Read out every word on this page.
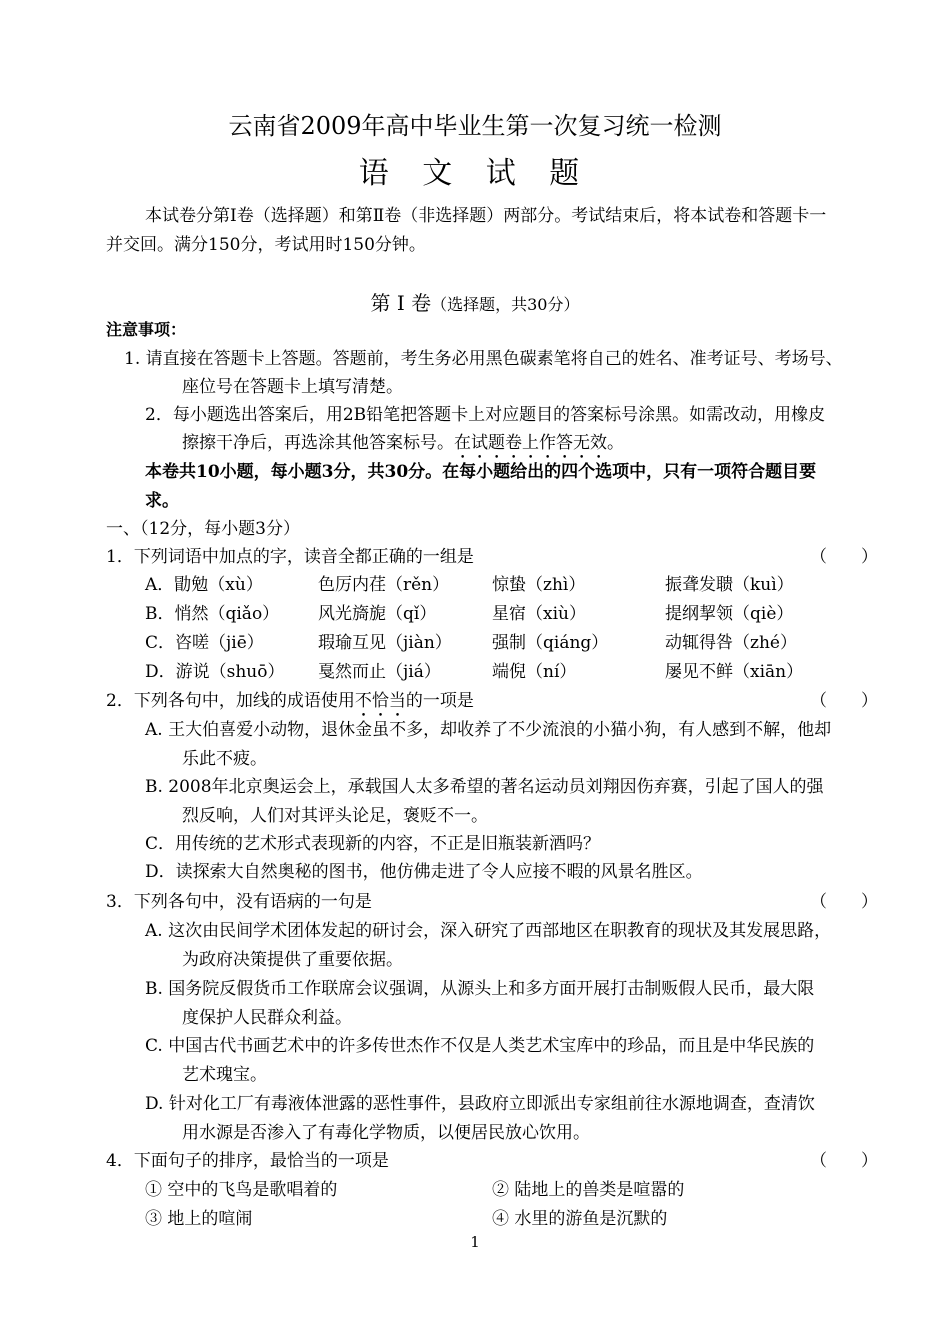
云南省2009年高中毕业生第一次复习统一检测
语 文 试 题
本试卷分第Ⅰ卷（选择题）和第Ⅱ卷（非选择题）两部分。考试结束后，将本试卷和答题卡一
并交回。满分150分，考试用时150分钟。
第 Ⅰ 卷（选择题，共30分）
注意事项：
1. 请直接在答题卡上答题。答题前，考生务必用黑色碳素笔将自己的姓名、准考证号、考场号、
座位号在答题卡上填写清楚。
2．每小题选出答案后，用2B铅笔把答题卡上对应题目的答案标号涂黑。如需改动，用橡皮
擦擦干净后，再选涂其他答案标号。在试题卷上作答无效。
本卷共10小题，每小题3分，共30分。在每小题给出的四个选项中，只有一项符合题目要
求。
一、（12分，每小题3分）
1．下列词语中加点的字，读音全都正确的一组是	（　　）
A．勖勉（xù）	色厉内荏（rěn）	惊蛰（zhì）	振聋发聩（kuì）
B．悄然（qiǎo） 风光旖旎（qǐ）	星宿（xiù）	提纲挈领（qiè）
C．咨嗟（jiē）	瑕瑜互见（jiàn） 强制（qiáng）	动辄得咎（zhé）
D．游说（shuō） 戛然而止（jiá）	端倪（ní）	屡见不鲜（xiān）
2．下列各句中，加线的成语使用不恰当的一项是	（　　）
A. 王大伯喜爱小动物，退休金虽不多，却收养了不少流浪的小猫小狗，有人感到不解，他却
乐此不疲。
B. 2008年北京奥运会上，承载国人太多希望的著名运动员刘翔因伤弃赛，引起了国人的强
烈反响，人们对其评头论足，褒贬不一。
C．用传统的艺术形式表现新的内容，不正是旧瓶装新酒吗？
D．读探索大自然奥秘的图书，他仿佛走进了令人应接不暇的风景名胜区。
3．下列各句中，没有语病的一句是	（　　）
A. 这次由民间学术团体发起的研讨会，深入研究了西部地区在职教育的现状及其发展思路，
为政府决策提供了重要依据。
B. 国务院反假货币工作联席会议强调，从源头上和多方面开展打击制贩假人民币，最大限
度保护人民群众利益。
C. 中国古代书画艺术中的许多传世杰作不仅是人类艺术宝库中的珍品，而且是中华民族的
艺术瑰宝。
D. 针对化工厂有毒液体泄露的恶性事件，县政府立即派出专家组前往水源地调查，查清饮
用水源是否渗入了有毒化学物质，以便居民放心饮用。
4．下面句子的排序，最恰当的一项是	（　　）
① 空中的飞鸟是歌唱着的	② 陆地上的兽类是喧嚣的
③ 地上的喧闹	④ 水里的游鱼是沉默的
1
